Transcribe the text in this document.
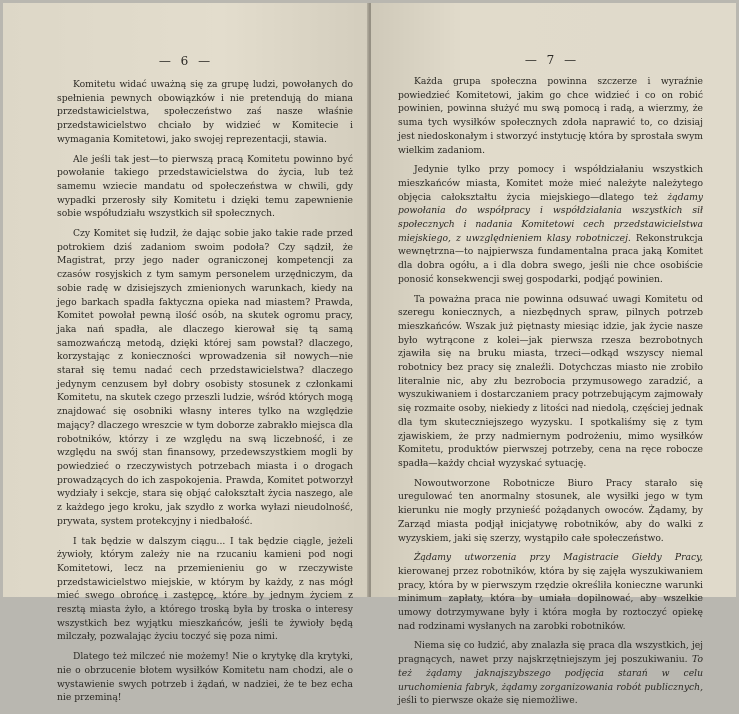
— 6 —

Komitetu widać uważną się za grupę ludzi, powołanych do spełnienia pewnych obowiązków i nie pretendują do miana przedstawicielstwa, społeczeństwo zaś nasze właśnie przedstawicielstwo chciało by widzieć w Komitecie i wymagania Komitetowi, jako swojej reprezentacji, stawia.

Ale jeśli tak jest—to pierwszą pracą Komitetu powinno być powołanie takiego przedstawicielstwa do życia, lub też samemu wziecie mandatu od społeczeństwa w chwili, gdy wypadki przerosły siły Komitetu i dzięki temu zapewnienie sobie współudziału wszystkich sił społecznych.

Czy Komitet się łudził, że dając sobie jako takie rade przed potrokiem dziś zadaniom swoim podoła? Czy sądził, że Magistrat, przy jego nader ograniczonej kompetencji za czasów rosyjskich z tym samym personelem urzędniczym, da sobie radę w dzisiejszych zmienionych warunkach, kiedy na jego barkach spadła faktyczna opieka nad miastem? Prawda, Komitet powołał pewną ilość osób, na skutek ogromu pracy, jaka nań spadła, ale dlaczego kierował się tą samą samozwańczą metodą, dzięki której sam powstał? dlaczego, korzystając z konieczności wprowadzenia sił nowych—nie starał się temu nadać cech przedstawicielstwa? dlaczego jedynym cenzusem był dobry osobisty stosunek z członkami Komitetu, na skutek czego przeszli ludzie, wśród których mogą znajdować się osobniki własny interes tylko na względzie mający? dlaczego wreszcie w tym doborze zabrakło miejsca dla robotników, którzy i ze względu na swą liczebność, i ze względu na swój stan finansowy, przedewszystkiem mogli by powiedzieć o rzeczywistych potrzebach miasta i o drogach prowadzących do ich zaspokojenia. Prawda, Komitet potworzył wydziały i sekcje, stara się objąć całokształt życia naszego, ale z każdego jego kroku, jak szydło z worka wyłazi nieudolność, prywata, system protekcyjny i niedbałość.

I tak będzie w dalszym ciągu... I tak będzie ciągle, jeżeli żywioły, którym zależy nie na rzucaniu kamieni pod nogi Komitetowi, lecz na przemienieniu go w rzeczywiste przedstawicielstwo miejskie, w którym by każdy, z nas mógł mieć swego obrońcę i zastępcę, które by jednym życiem z resztą miasta żyło, a którego troską była by troska o interesy wszystkich bez wyjątku mieszkańców, jeśli te żywioły będą milczały, pozwalając życiu toczyć się poza nimi.

Dlatego też milczeć nie możemy! Nie o krytykę dla krytyki, nie o obrzucenie błotem wysiłków Komitetu nam chodzi, ale o wystawienie swych potrzeb i żądań, w nadziei, że te bez echa nie przeminą!

— 7 —

Każda grupa społeczna powinna szczerze i wyraźnie powiedzieć Komitetowi, jakim go chce widzieć i co on robić powinien, powinna służyć mu swą pomocą i radą, a wierzmy, że suma tych wysiłków społecznych zdoła naprawić to, co dzisiaj jest niedoskonałym i stworzyć instytucję która by sprostała swym wielkim zadaniom.

Jedynie tylko przy pomocy i współdziałaniu wszystkich mieszkańców miasta, Komitet może mieć należyte należytego objęcia całokształtu życia miejskiego—dlatego też żądamy powołania do współpracy i współdziałania wszystkich sił społecznych i nadania Komitetowi cech przedstawicielstwa miejskiego, z uwzględnieniem klasy robotniczej. Rekonstrukcja wewnętrzna—to najpierwsza fundamentalna praca jaką Komitet dla dobra ogółu, a i dla dobra swego, jeśli nie chce osobiście ponosić konsekwencji swej gospodarki, podjąć powinien.

Ta poważna praca nie powinna odsuwać uwagi Komitetu od szeregu koniecznych, a niezbędnych spraw, pilnych potrzeb mieszkańców. Wszak już piętnasty miesiąc idzie, jak życie nasze było wytrącone z kolei—jak pierwsza rzesza bezrobotnych zjawiła się na bruku miasta, trzeci—odkąd wszyscy niemal robotnicy bez pracy się znaleźli. Dotychczas miasto nie zrobiło literalnie nic, aby złu bezrobocia przymusowego zaradzić, a wyszukiwaniem i dostarczaniem pracy potrzebującym zajmowały się rozmaite osoby, niekiedy z litości nad niedolą, częściej jednak dla tym skuteczniejszego wyzysku. I spotkaliśmy się z tym zjawiskiem, że przy nadmiernym podrożeniu, mimo wysiłków Komitetu, produktów pierwszej potrzeby, cena na ręce robocze spadła—każdy chciał wyzyskać sytuację.

Nowoutworzone Robotnicze Biuro Pracy starało się uregulować ten anormalny stosunek, ale wysiłki jego w tym kierunku nie mogły przynieść pożądanych owoców. Żądamy, by Zarząd miasta podjął inicjatywę robotników, aby do walki z wyzyskiem, jaki się szerzy, wystąpiło całe społeczeństwo.

Żądamy utworzenia przy Magistracie Giełdy Pracy, kierowanej przez robotników, która by się zajęła wyszukiwaniem pracy, która by w pierwszym rzędzie określiła konieczne warunki minimum zapłaty, która by umiała dopilnować, aby wszelkie umowy dotrzymywane były i która mogła by roztoczyć opiekę nad rodzinami wysłanych na zarobki robotników.

Niema się co łudzić, aby znalazła się praca dla wszystkich, jej pragnących, nawet przy najskrzętniejszym jej poszukiwaniu. To też żądamy jaknajszybszego podjęcia starań w celu uruchomienia fabryk, żądamy zorganizowania robót publicznych, jeśli to pierwsze okaże się niemożliwe.
